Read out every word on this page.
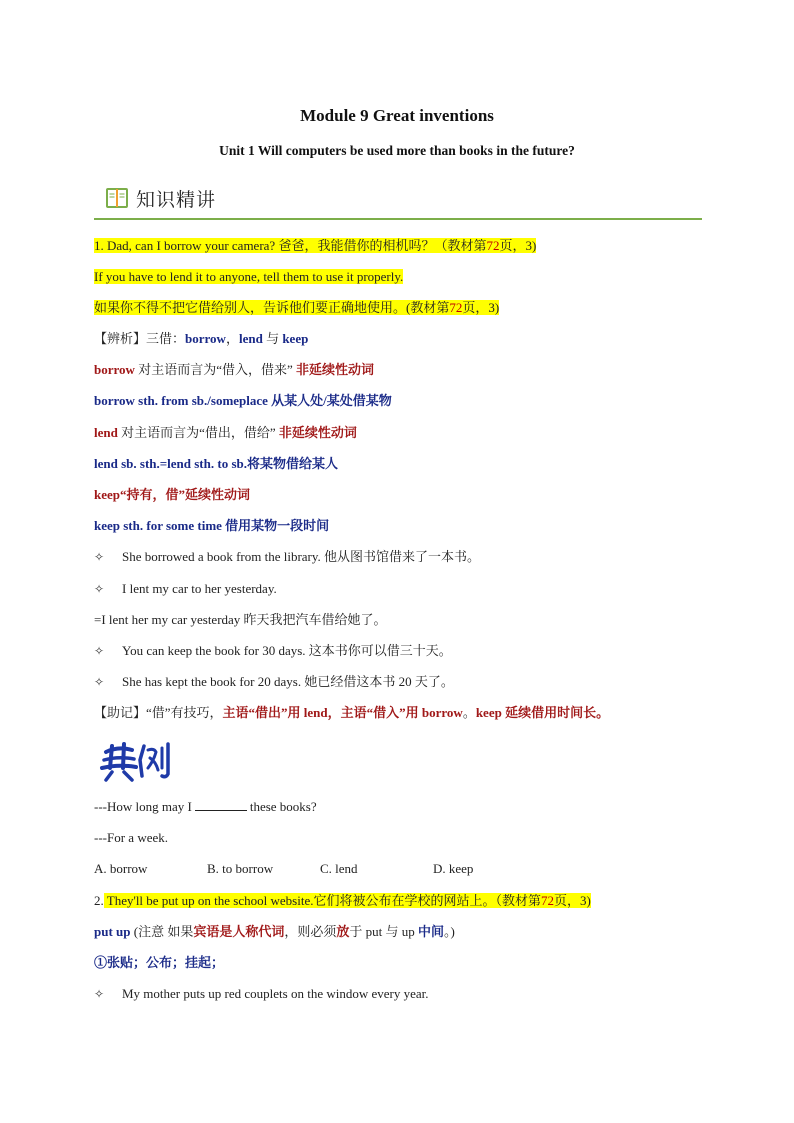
Module 9 Great inventions
Unit 1 Will computers be used more than books in the future?
知识精讲
1. Dad, can I borrow your camera? 爸爸，我能借你的相机吗？（教材第72页，3)
If you have to lend it to anyone, tell them to use it properly.
如果你不得不把它借给别人，告诉他们要正确地使用。(教材第72页，3)
【辨析】三借：borrow，lend 与 keep
borrow 对主语而言为“借入，借来” 非延续性动词
borrow sth. from sb./someplace 从某人处/某处借某物
lend 对主语而言为“借出，借给” 非延续性动词
lend sb. sth.=lend sth. to sb.将某物借给某人
keep“持有，借”延续性动词
keep sth. for some time 借用某物一段时间
✧ She borrowed a book from the library. 他从图书馆借来了一本书。
✧ I lent my car to her yesterday.
=I lent her my car yesterday 昨天我把汽车借给她了。
✧ You can keep the book for 30 days. 这本书你可以借三十天。
✧ She has kept the book for 20 days. 她已经借这本书 20 天了。
【助记】“借”有技巧，主语“借出”用 lend，主语“借入”用 borrow。keep 延续借用时间长。
---How long may I	these books?
---For a week.
A. borrow	B. to borrow	C. lend	D. keep
2. They'll be put up on the school website.它们将被公布在学校的网站上。（教材第72页，3)
put up (注意 如果宾语是人称代词，则必须放于 put 与 up 中间。)
①张贴；公布；挂起；
✧ My mother puts up red couplets on the window every year.
